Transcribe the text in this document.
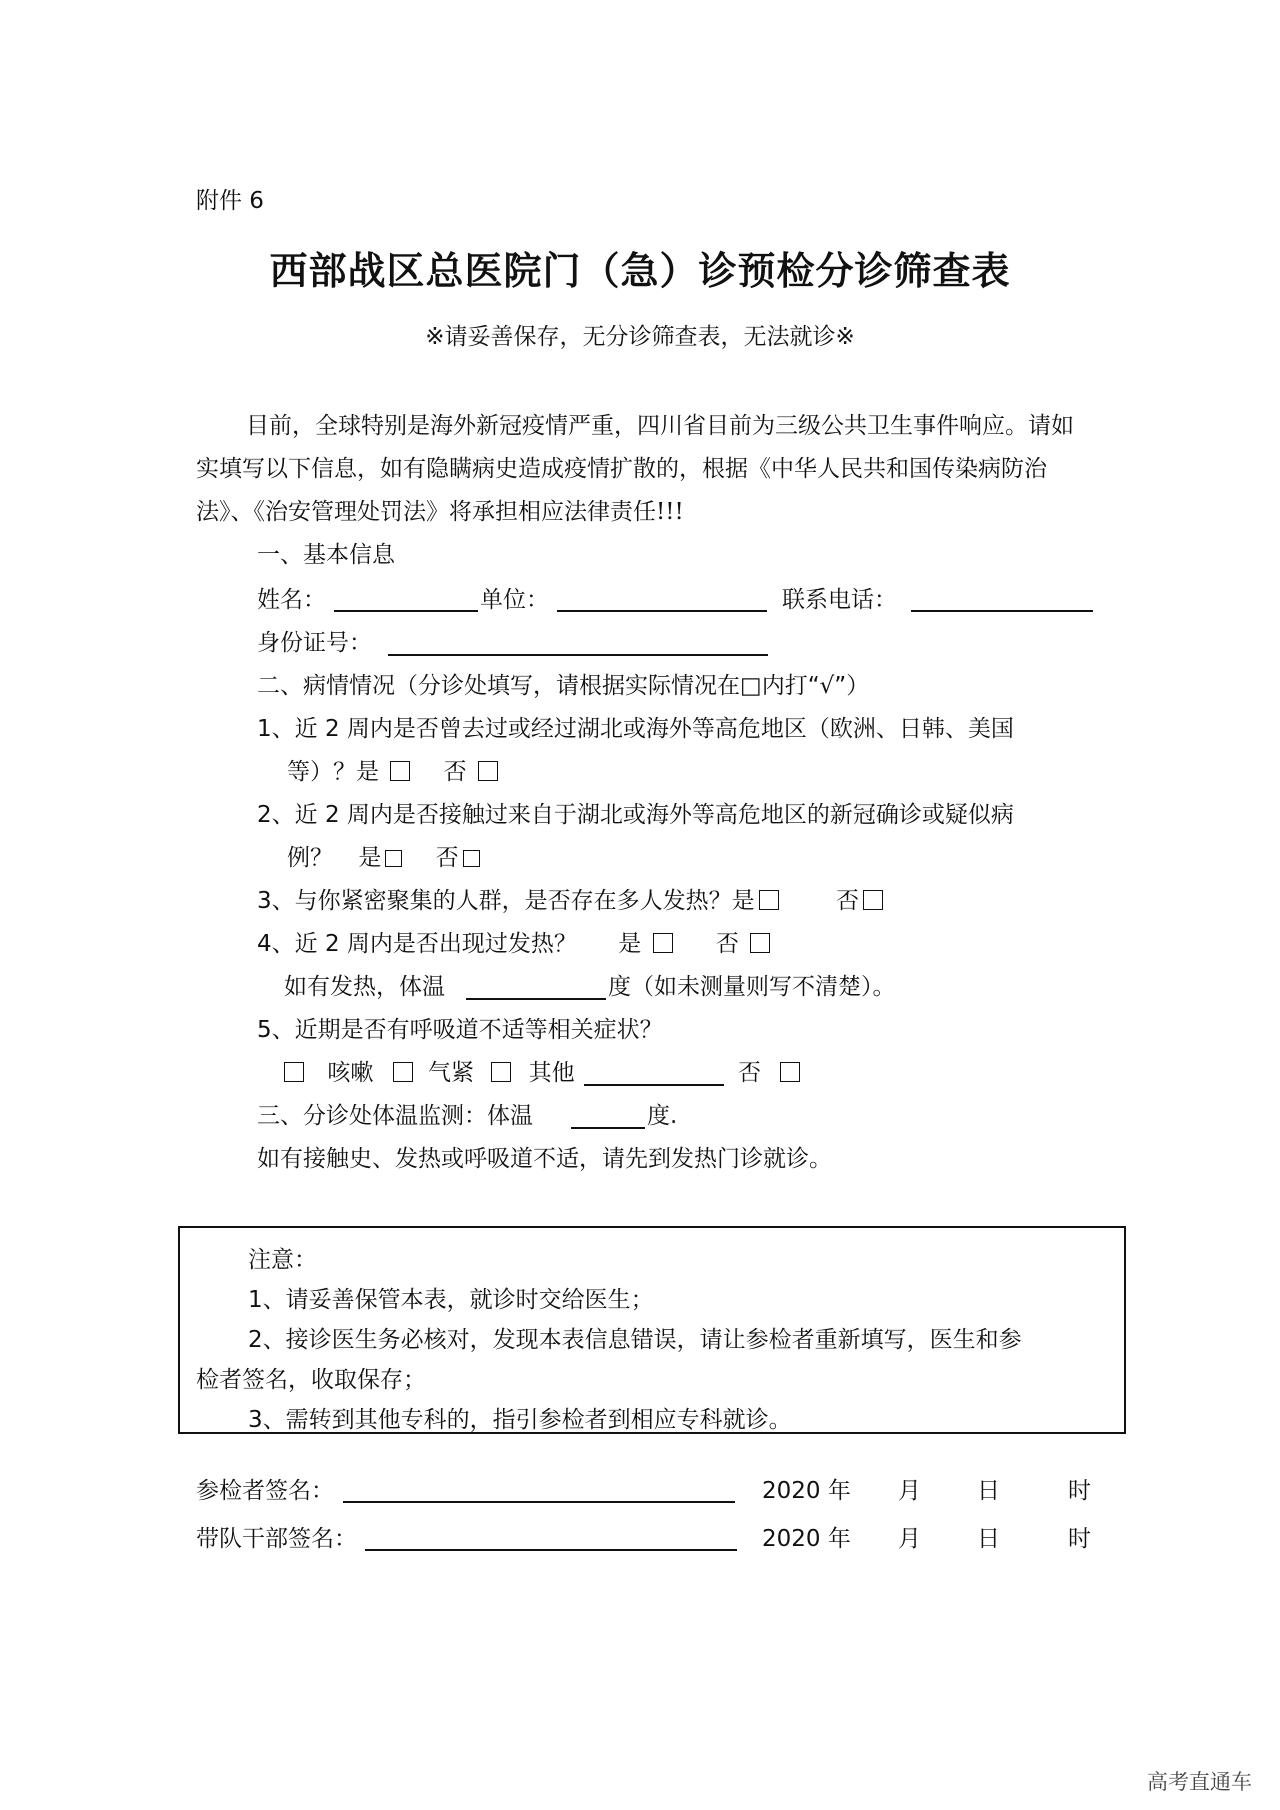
附件 6
西部战区总医院门（急）诊预检分诊筛查表
※请妥善保存，无分诊筛查表，无法就诊※
目前，全球特别是海外新冠疫情严重，四川省目前为三级公共卫生事件响应。请如实填写以下信息，如有隐瞒病史造成疫情扩散的，根据《中华人民共和国传染病防治法》、《治安管理处罚法》将承担相应法律责任!!!
一、基本信息
姓名：	单位：	联系电话：
身份证号：
二、病情情况（分诊处填写，请根据实际情况在□内打“√”）
1、近 2 周内是否曾去过或经过湖北或海外等高危地区（欧洲、日韩、美国
等）？是	否
2、近 2 周内是否接触过来自于湖北或海外等高危地区的新冠确诊或疑似病
例？ 是 否
3、与你紧密聚集的人群，是否存在多人发热？是	否
4、近 2 周内是否出现过发热？ 是	否
如有发热，体温	度（如未测量则写不清楚）。
5、近期是否有呼吸道不适等相关症状？
咳嗽 气紧 其他	否
三、分诊处体温监测：体温	度.
如有接触史、发热或呼吸道不适，请先到发热门诊就诊。
注意：
1、请妥善保管本表，就诊时交给医生；
2、接诊医生务必核对，发现本表信息错误，请让参检者重新填写，医生和参
检者签名，收取保存；
3、需转到其他专科的，指引参检者到相应专科就诊。
参检者签名：	2020 年 月 日	时
带队干部签名：	2020 年 月 日	时
高考直通车
